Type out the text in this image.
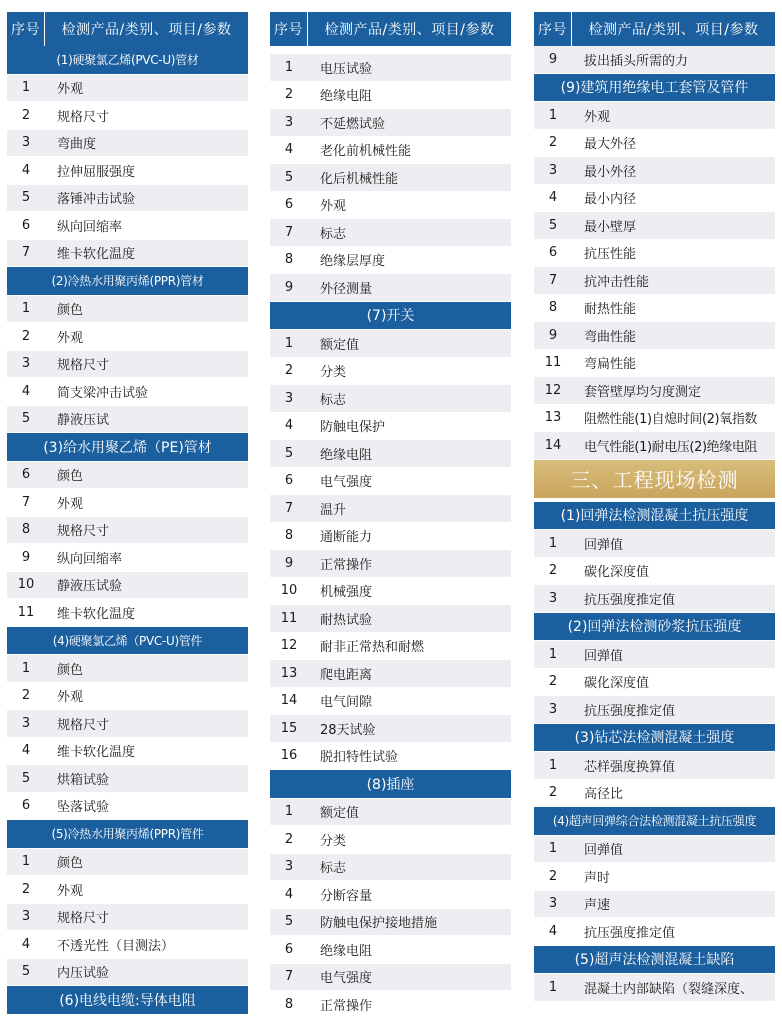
序号	检测产品/类别、项目/参数
(1)硬聚氯乙烯(PVC-U)管材
1	外观
2	规格尺寸
3	弯曲度
4	拉伸屈服强度
5	落锤冲击试验
6	纵向回缩率
7	维卡软化温度
(2)冷热水用聚丙烯(PPR)管材
1	颜色
2	外观
3	规格尺寸
4	简支梁冲击试验
5	静液压试
(3)给水用聚乙烯（PE)管材
6	颜色
7	外观
8	规格尺寸
9	纵向回缩率
10	静液压试验
11	维卡软化温度
(4)硬聚氯乙烯（PVC-U)管件
1	颜色
2	外观
3	规格尺寸
4	维卡软化温度
5	烘箱试验
6	坠落试验
(5)冷热水用聚丙烯(PPR)管件
1	颜色
2	外观
3	规格尺寸
4	不透光性（目测法）
5	内压试验
(6)电线电缆:导体电阻
序号	检测产品/类别、项目/参数
1	电压试验
2	绝缘电阻
3	不延燃试验
4	老化前机械性能
5	化后机械性能
6	外观
7	标志
8	绝缘层厚度
9	外径测量
(7)开关
1	额定值
2	分类
3	标志
4	防触电保护
5	绝缘电阻
6	电气强度
7	温升
8	通断能力
9	正常操作
10	机械强度
11	耐热试验
12	耐非正常热和耐燃
13	爬电距离
14	电气间隙
15	28天试验
16	脱扣特性试验
(8)插座
1	额定值
2	分类
3	标志
4	分断容量
5	防触电保护接地措施
6	绝缘电阻
7	电气强度
8	正常操作
序号	检测产品/类别、项目/参数
9	拔出插头所需的力
(9)建筑用绝缘电工套管及管件
1	外观
2	最大外径
3	最小外径
4	最小内径
5	最小壁厚
6	抗压性能
7	抗冲击性能
8	耐热性能
9	弯曲性能
11	弯扁性能
12	套管壁厚均匀度测定
13	阻燃性能(1)自熄时间(2)氧指数
14	电气性能(1)耐电压(2)绝缘电阻
三、工程现场检测
(1)回弹法检测混凝土抗压强度
1	回弹值
2	碳化深度值
3	抗压强度推定值
(2)回弹法检测砂浆抗压强度
1	回弹值
2	碳化深度值
3	抗压强度推定值
(3)钻芯法检测混凝土强度
1	芯样强度换算值
2	高径比
(4)超声回弹综合法检测混凝土抗压强度
1	回弹值
2	声时
3	声速
4	抗压强度推定值
(5)超声法检测混凝土缺陷
1	混凝土内部缺陷（裂缝深度、
